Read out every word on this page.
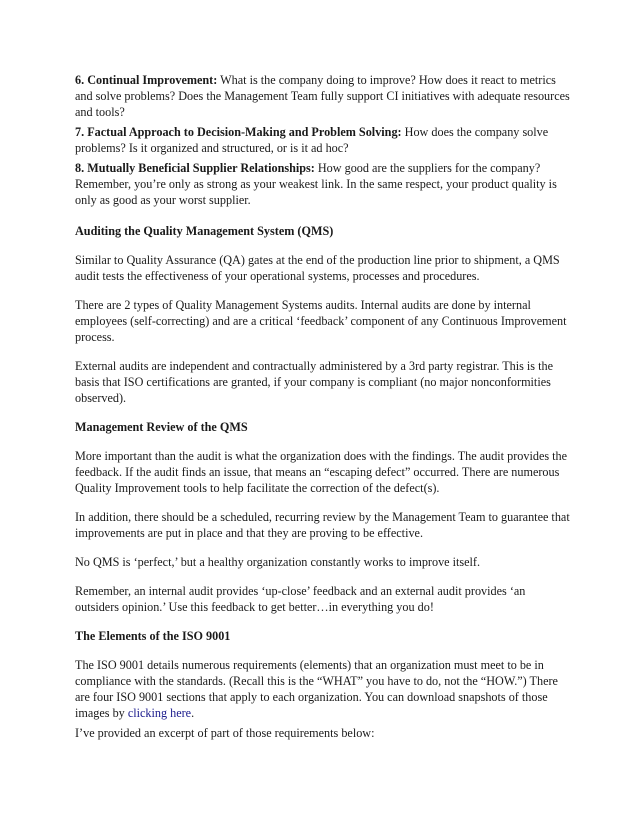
6. Continual Improvement: What is the company doing to improve? How does it react to metrics and solve problems? Does the Management Team fully support CI initiatives with adequate resources and tools?

7. Factual Approach to Decision-Making and Problem Solving: How does the company solve problems? Is it organized and structured, or is it ad hoc?

8. Mutually Beneficial Supplier Relationships: How good are the suppliers for the company? Remember, you’re only as strong as your weakest link. In the same respect, your product quality is only as good as your worst supplier.

Auditing the Quality Management System (QMS)

Similar to Quality Assurance (QA) gates at the end of the production line prior to shipment, a QMS audit tests the effectiveness of your operational systems, processes and procedures.

There are 2 types of Quality Management Systems audits. Internal audits are done by internal employees (self-correcting) and are a critical ‘feedback’ component of any Continuous Improvement process.

External audits are independent and contractually administered by a 3rd party registrar. This is the basis that ISO certifications are granted, if your company is compliant (no major nonconformities observed).

Management Review of the QMS

More important than the audit is what the organization does with the findings. The audit provides the feedback. If the audit finds an issue, that means an “escaping defect” occurred. There are numerous Quality Improvement tools to help facilitate the correction of the defect(s).

In addition, there should be a scheduled, recurring review by the Management Team to guarantee that improvements are put in place and that they are proving to be effective.

No QMS is ‘perfect,’ but a healthy organization constantly works to improve itself.

Remember, an internal audit provides ‘up-close’ feedback and an external audit provides ‘an outsiders opinion.’ Use this feedback to get better…in everything you do!

The Elements of the ISO 9001

The ISO 9001 details numerous requirements (elements) that an organization must meet to be in compliance with the standards. (Recall this is the “WHAT” you have to do, not the “HOW.”) There are four ISO 9001 sections that apply to each organization. You can download snapshots of those images by clicking here.

I’ve provided an excerpt of part of those requirements below:
